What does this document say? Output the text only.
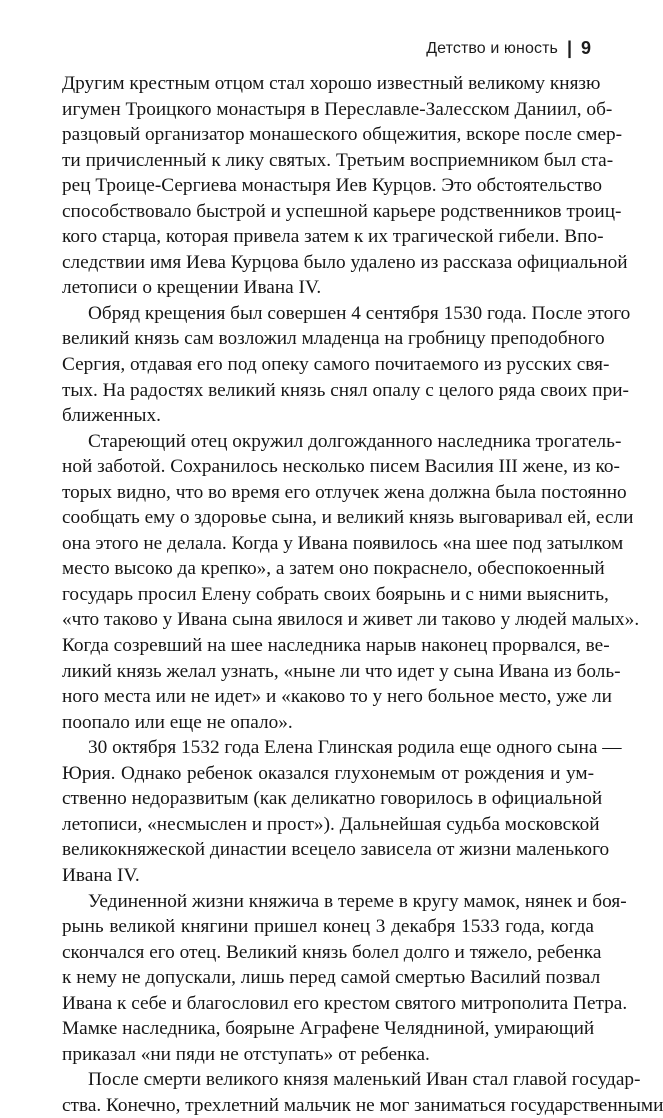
Детство и юность | 9
Другим крестным отцом стал хорошо известный великому князю
игумен Троицкого монастыря в Переславле-Залесском Даниил, об-
разцовый организатор монашеского общежития, вскоре после смер-
ти причисленный к лику святых. Третьим восприемником был ста-
рец Троице-Сергиева монастыря Иев Курцов. Это обстоятельство
способствовало быстрой и успешной карьере родственников троиц-
кого старца, которая привела затем к их трагической гибели. Впо-
следствии имя Иева Курцова было удалено из рассказа официальной
летописи о крещении Ивана IV.
Обряд крещения был совершен 4 сентября 1530 года. После этого
великий князь сам возложил младенца на гробницу преподобного
Сергия, отдавая его под опеку самого почитаемого из русских свя-
тых. На радостях великий князь снял опалу с целого ряда своих при-
ближенных.
Стареющий отец окружил долгожданного наследника трогатель-
ной заботой. Сохранилось несколько писем Василия III жене, из ко-
торых видно, что во время его отлучек жена должна была постоянно
сообщать ему о здоровье сына, и великий князь выговаривал ей, если
она этого не делала. Когда у Ивана появилось «на шее под затылком
место высоко да крепко», а затем оно покраснело, обеспокоенный
государь просил Елену собрать своих боярынь и с ними выяснить,
«что таково у Ивана сына явилося и живет ли таково у людей малых».
Когда созревший на шее наследника нарыв наконец прорвался, ве-
ликий князь желал узнать, «ныне ли что идет у сына Ивана из боль-
ного места или не идет» и «каково то у него больное место, уже ли
поопало или еще не опало».
30 октября 1532 года Елена Глинская родила еще одного сына —
Юрия. Однако ребенок оказался глухонемым от рождения и ум-
ственно недоразвитым (как деликатно говорилось в официальной
летописи, «несмыслен и прост»). Дальнейшая судьба московской
великокняжеской династии всецело зависела от жизни маленького
Ивана IV.
Уединенной жизни княжича в тереме в кругу мамок, нянек и боя-
рынь великой княгини пришел конец 3 декабря 1533 года, когда
скончался его отец. Великий князь болел долго и тяжело, ребенка
к нему не допускали, лишь перед самой смертью Василий позвал
Ивана к себе и благословил его крестом святого митрополита Петра.
Мамке наследника, боярыне Аграфене Челядниной, умирающий
приказал «ни пяди не отступать» от ребенка.
После смерти великого князя маленький Иван стал главой государ-
ства. Конечно, трехлетний мальчик не мог заниматься государственными
